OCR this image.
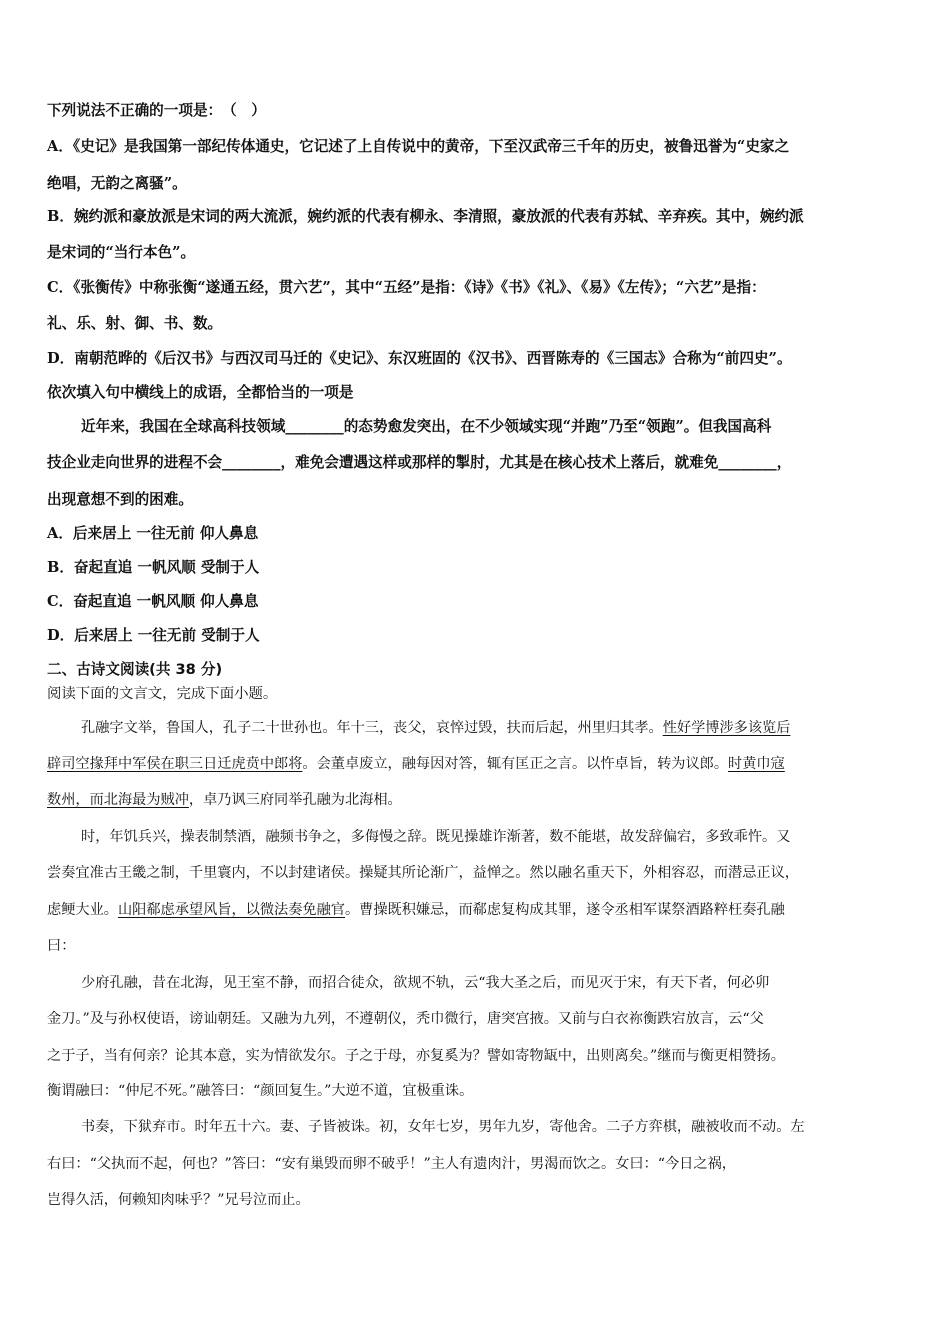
下列说法不正确的一项是：　（　）
A．《史记》是我国第一部纪传体通史，它记述了上自传说中的黄帝，下至汉武帝三千年的历史，被鲁迅誉为“史家之
绝唱，无韵之离骚”。
B．婉约派和豪放派是宋词的两大流派，婉约派的代表有柳永、李清照，豪放派的代表有苏轼、辛弃疾。其中，婉约派
是宋词的“当行本色”。
C．《张衡传》中称张衡“遂通五经，贯六艺”，其中“五经”是指：《诗》《书》《礼》、《易》《左传》；“六艺”是指：
礼、乐、射、御、书、数。
D．南朝范晔的《后汉书》与西汉司马迁的《史记》、东汉班固的《汉书》、西晋陈寿的《三国志》合称为“前四史”。
依次填入句中横线上的成语，全都恰当的一项是
近年来，我国在全球高科技领域________的态势愈发突出，在不少领域实现“并跑”乃至“领跑”。但我国高科
技企业走向世界的进程不会________，难免会遭遇这样或那样的掣肘，尤其是在核心技术上落后，就难免________，
出现意想不到的困难。
A．后来居上 一往无前 仰人鼻息
B．奋起直追 一帆风顺 受制于人
C．奋起直追 一帆风顺 仰人鼻息
D．后来居上 一往无前 受制于人
二、古诗文阅读(共 38 分)
阅读下面的文言文，完成下面小题。
孔融字文举，鲁国人，孔子二十世孙也。年十三，丧父，哀悴过毁，扶而后起，州里归其孝。性好学博涉多该览后
辟司空掾拜中军侯在职三日迁虎贲中郎将。会董卓废立，融每因对答，辄有匡正之言。以忤卓旨，转为议郎。时黄巾寇
数州，而北海最为贼冲，卓乃讽三府同举孔融为北海相。
时，年饥兵兴，操表制禁酒，融频书争之，多侮慢之辞。既见操雄诈渐著，数不能堪，故发辞偏宕，多致乖忤。又
尝奏宜准古王畿之制，千里寰内，不以封建诸侯。操疑其所论渐广，益惮之。然以融名重天下，外相容忍，而潜忌正议，
虑鲠大业。山阳郗虑承望风旨，以微法奏免融官。曹操既积嫌忌，而郗虑复构成其罪，遂令丞相军谋祭酒路粹枉奏孔融
曰：
少府孔融，昔在北海，见王室不静，而招合徒众，欲规不轨，云“我大圣之后，而见灭于宋，有天下者，何必卯
金刀。”及与孙权使语，谤讪朝廷。又融为九列，不遵朝仪，秃巾微行，唐突宫掖。又前与白衣祢衡跌宕放言，云“父
之于子，当有何亲？论其本意，实为情欲发尔。子之于母，亦复奚为？譬如寄物缻中，出则离矣。”继而与衡更相赞扬。
衡谓融曰：“仲尼不死。”融答曰：“颜回复生。”大逆不道，宜极重诛。
书奏，下狱弃市。时年五十六。妻、子皆被诛。初，女年七岁，男年九岁，寄他舍。二子方弈棋，融被收而不动。左
右曰：“父执而不起，何也？”答曰：“安有巢毁而卵不破乎！”主人有遗肉汁，男渴而饮之。女曰：“今日之祸，
岂得久活，何赖知肉味乎？”兄号泣而止。
